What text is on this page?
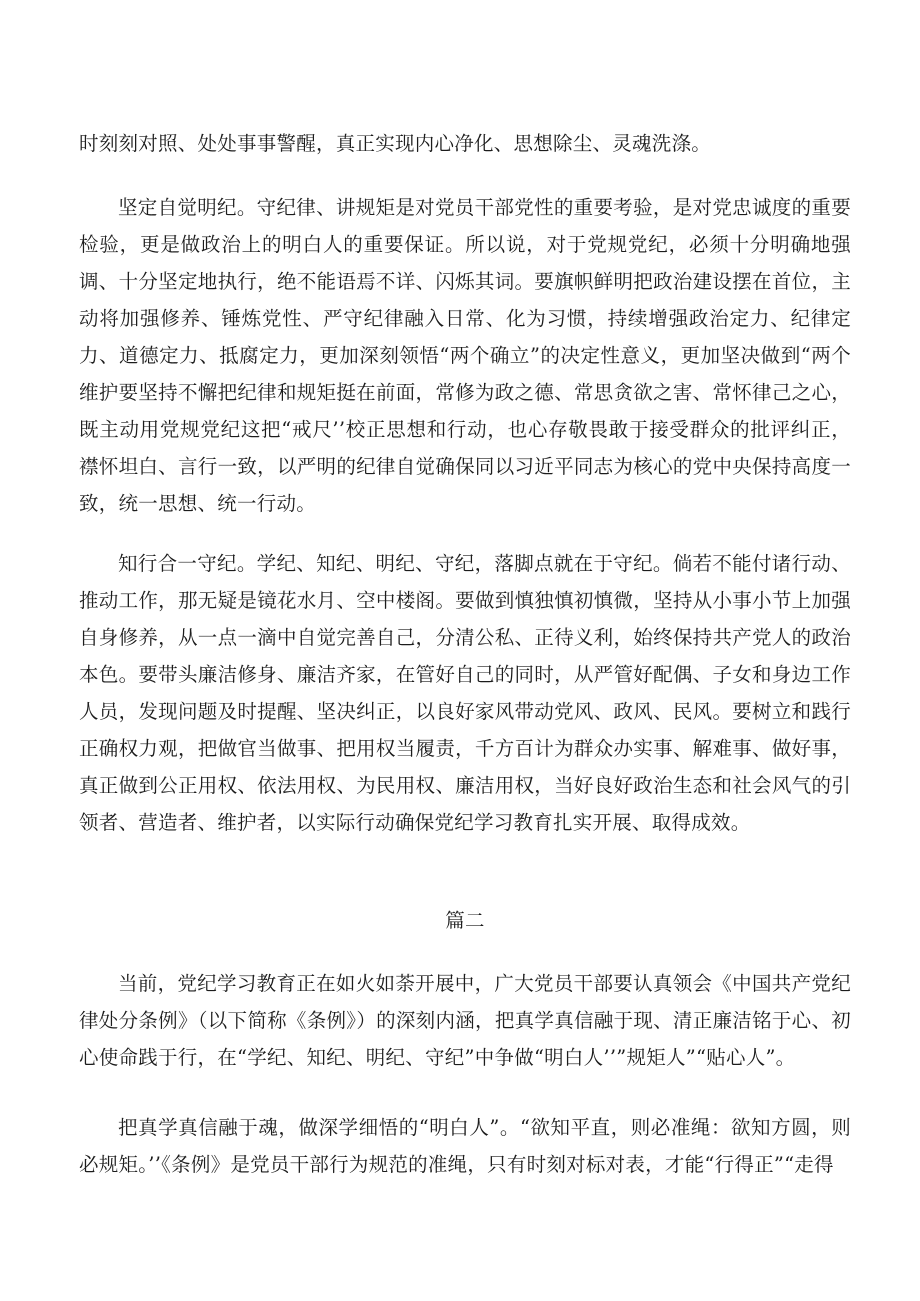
时刻刻对照、处处事事警醒，真正实现内心净化、思想除尘、灵魂洗涤。

坚定自觉明纪。守纪律、讲规矩是对党员干部党性的重要考验，是对党忠诚度的重要检验，更是做政治上的明白人的重要保证。所以说，对于党规党纪，必须十分明确地强调、十分坚定地执行，绝不能语焉不详、闪烁其词。要旗帜鲜明把政治建设摆在首位，主动将加强修养、锤炼党性、严守纪律融入日常、化为习惯，持续增强政治定力、纪律定力、道德定力、抵腐定力，更加深刻领悟“两个确立”的决定性意义，更加坚决做到“两个维护要坚持不懈把纪律和规矩挺在前面，常修为政之德、常思贪欲之害、常怀律己之心，既主动用党规党纪这把“戒尺’’校正思想和行动，也心存敬畏敢于接受群众的批评纠正，襟怀坦白、言行一致，以严明的纪律自觉确保同以习近平同志为核心的党中央保持高度一致，统一思想、统一行动。

知行合一守纪。学纪、知纪、明纪、守纪，落脚点就在于守纪。倘若不能付诸行动、推动工作，那无疑是镜花水月、空中楼阁。要做到慎独慎初慎微，坚持从小事小节上加强自身修养，从一点一滴中自觉完善自己，分清公私、正待义利，始终保持共产党人的政治本色。要带头廉洁修身、廉洁齐家，在管好自己的同时，从严管好配偶、子女和身边工作人员，发现问题及时提醒、坚决纠正，以良好家风带动党风、政风、民风。要树立和践行正确权力观，把做官当做事、把用权当履责，千方百计为群众办实事、解难事、做好事，真正做到公正用权、依法用权、为民用权、廉洁用权，当好良好政治生态和社会风气的引领者、营造者、维护者，以实际行动确保党纪学习教育扎实开展、取得成效。

篇二

当前，党纪学习教育正在如火如荼开展中，广大党员干部要认真领会《中国共产党纪律处分条例》（以下简称《条例》）的深刻内涵，把真学真信融于现、清正廉洁铭于心、初心使命践于行，在“学纪、知纪、明纪、守纪”中争做“明白人’’”规矩人”“贴心人”。

把真学真信融于魂，做深学细悟的“明白人”。“欲知平直，则必准绳：欲知方圆，则必规矩。’’《条例》是党员干部行为规范的准绳，只有时刻对标对表，才能“行得正”“走得
